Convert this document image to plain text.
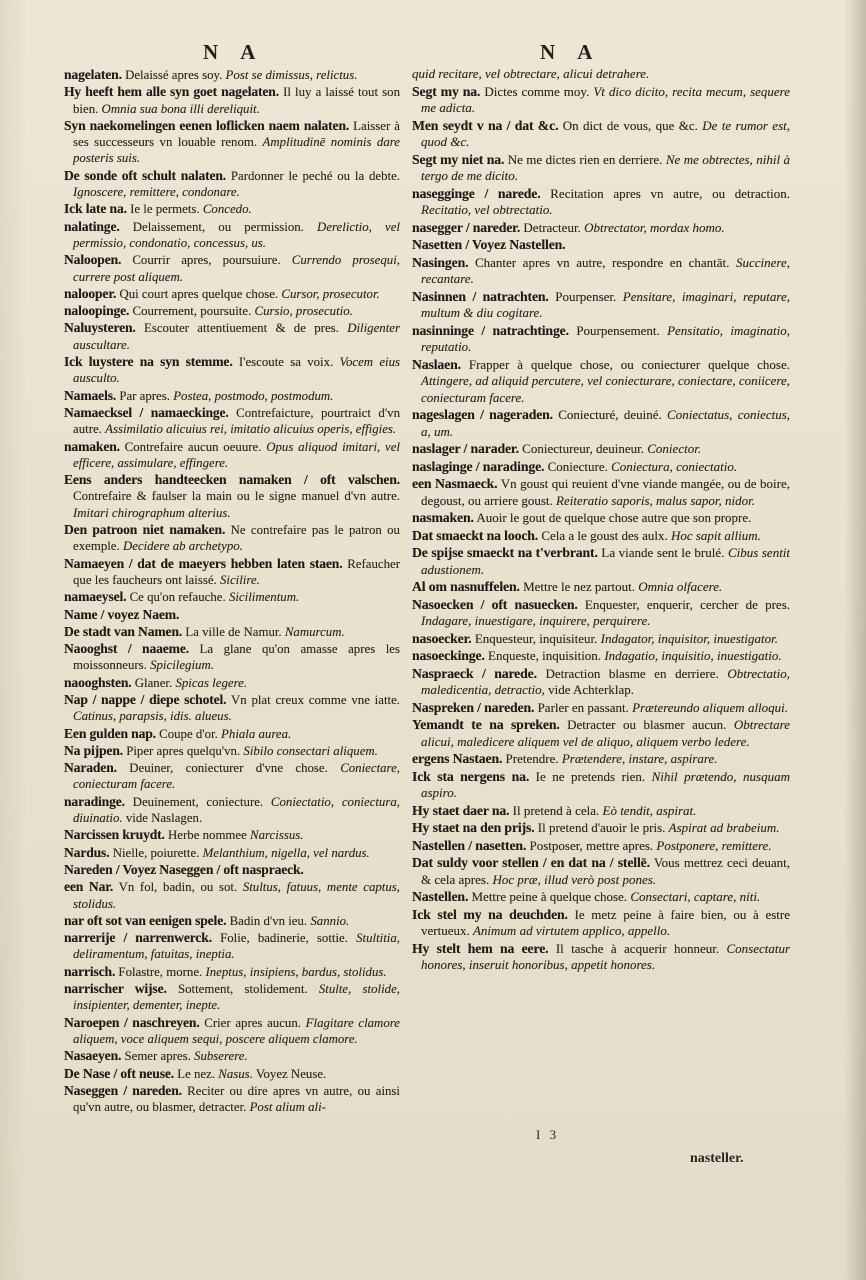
N A	N A

nagelaten. Delaissé apres soy. Post se dimissus, relictus.

Hy heeft hem alle syn goet nagelaten. Il luy a laissé tout son bien. Omnia sua bona illi dereliquit.

Syn naekomelingen eenen loflicken naem nalaten. Laisser à ses successeurs vn louable renom. Amplitudinē nominis dare posteris suis.

De sonde oft schult nalaten. Pardonner le peché ou la debte. Ignoscere, remittere, condonare.

Ick late na. Ie le permets. Concedo.

nalatinge. Delaissement, ou permission. Derelictio, vel permissio, condonatio, concessus, us.

Naloopen. Courrir apres, poursuiure. Currendo prosequi, currere post aliquem.

nalooper. Qui court apres quelque chose. Cursor, prosecutor.

naloopinge. Courrement, poursuite. Cursio, prosecutio.

Naluysteren. Escouter attentiuement & de pres. Diligenter auscultare.

Ick luystere na syn stemme. I'escoute sa voix. Vocem eius ausculto.

Namaels. Par apres. Postea, postmodo, postmodum.

Namaecksel / namaeckinge. Contrefaicture, pourtraict d'vn autre. Assimilatio alicuius rei, imitatio alicuius operis, effigies.

namaken. Contrefaire aucun oeuure. Opus aliquod imitari, vel efficere, assimulare, effingere.

Eens anders handteecken namaken / oft valschen. Contrefaire & faulser la main ou le signe manuel d'vn autre. Imitari chirographum alterius.

Den patroon niet namaken. Ne contrefaire pas le patron ou exemple. Decidere ab archetypo.

Namaeyen / dat de maeyers hebben laten staen. Refaucher que les faucheurs ont laissé. Sicilire.

namaeysel. Ce qu'on refauche. Sicilimentum.

Name / voyez Naem.

De stadt van Namen. La ville de Namur. Namurcum.

Naooghst / naaeme. La glane qu'on amasse apres les moissonneurs. Spicilegium.

naooghsten. Glaner. Spicas legere.

Nap / nappe / diepe schotel. Vn plat creux comme vne iatte. Catinus, parapsis, idis. alueus.

Een gulden nap. Coupe d'or. Phiala aurea.

Na pijpen. Piper apres quelqu'vn. Sibilo consectari aliquem.

Naraden. Deuiner, coniecturer d'vne chose. Coniectare, coniecturam facere.

naradinge. Deuinement, coniecture. Coniectatio, coniectura, diuinatio. vide Naslagen.

Narcissen kruydt. Herbe nommee Narcissus.

Nardus. Nielle, poiurette. Melanthium, nigella, vel nardus.

Nareden / Voyez Naseggen / oft naspraeck.

een Nar. Vn fol, badin, ou sot. Stultus, fatuus, mente captus, stolidus.

nar oft sot van eenigen spele. Badin d'vn ieu. Sannio.

narrerije / narrenwerck. Folie, badinerie, sottie. Stultitia, deliramentum, fatuitas, ineptia.

narrisch. Folastre, morne. Ineptus, insipiens, bardus, stolidus.

narrischer wijse. Sottement, stolidement. Stulte, stolide, insipienter, dementer, inepte.

Naroepen / naschreyen. Crier apres aucun. Flagitare clamore aliquem, voce aliquem sequi, poscere aliquem clamore.

Nasaeyen. Semer apres. Subserere.

De Nase / oft neuse. Le nez. Nasus. Voyez Neuse.

Naseggen / nareden. Reciter ou dire apres vn autre, ou ainsi qu'vn autre, ou blasmer, detracter. Post alium ali-

quid recitare, vel obtrectare, alicui detrahere.

Segt my na. Dictes comme moy. Vt dico dicito, recita mecum, sequere me adicta.

Men seydt v na / dat &c. On dict de vous, que &c. De te rumor est, quod &c.

Segt my niet na. Ne me dictes rien en derriere. Ne me obtrectes, nihil à tergo de me dicito.

nasegginge / narede. Recitation apres vn autre, ou detraction. Recitatio, vel obtrectatio.

nasegger / nareder. Detracteur. Obtrectator, mordax homo.

Nasetten / Voyez Nastellen.

Nasingen. Chanter apres vn autre, respondre en chantāt. Succinere, recantare.

Nasinnen / natrachten. Pourpenser. Pensitare, imaginari, reputare, multum & diu cogitare.

nasinninge / natrachtinge. Pourpensement. Pensitatio, imaginatio, reputatio.

Naslaen. Frapper à quelque chose, ou coniecturer quelque chose. Attingere, ad aliquid percutere, vel coniecturare, coniectare, coniicere, coniecturam facere.

nageslagen / nageraden. Coniecturé, deuiné. Coniectatus, coniectus, a, um.

naslager / narader. Coniectureur, deuineur. Coniector.

naslaginge / naradinge. Coniecture. Coniectura, coniectatio.

een Nasmaeck. Vn goust qui reuient d'vne viande mangée, ou de boire, degoust, ou arriere goust. Reiteratio saporis, malus sapor, nidor.

nasmaken. Auoir le gout de quelque chose autre que son propre.

Dat smaeckt na looch. Cela a le goust des aulx. Hoc sapit allium.

De spijse smaeckt na t'verbrant. La viande sent le brulé. Cibus sentit adustionem.

Al om nasnuffelen. Mettre le nez partout. Omnia olfacere.

Nasoecken / oft nasuecken. Enquester, enquerir, cercher de pres. Indagare, inuestigare, inquirere, perquirere.

nasoecker. Enquesteur, inquisiteur. Indagator, inquisitor, inuestigator.

nasoeckinge. Enqueste, inquisition. Indagatio, inquisitio, inuestigatio.

Naspraeck / narede. Detraction blasme en derriere. Obtrectatio, maledicentia, detractio, vide Achterklap.

Naspreken / nareden. Parler en passant. Prætereundo aliquem alloqui.

Yemandt te na spreken. Detracter ou blasmer aucun. Obtrectare alicui, maledicere aliquem vel de aliquo, aliquem verbo ledere.

ergens Nastaen. Pretendre. Prætendere, instare, aspirare.

Ick sta nergens na. Ie ne pretends rien. Nihil prætendo, nusquam aspiro.

Hy staet daer na. Il pretend à cela. Eò tendit, aspirat.

Hy staet na den prijs. Il pretend d'auoir le pris. Aspirat ad brabeium.

Nastellen / nasetten. Postposer, mettre apres. Postponere, remittere.

Dat suldy voor stellen / en dat na / stellē. Vous mettrez ceci deuant, & cela apres. Hoc præ, illud verò post pones.

Nastellen. Mettre peine à quelque chose. Consectari, captare, niti.

Ick stel my na deuchden. Ie metz peine à faire bien, ou à estre vertueux. Animum ad virtutem applico, appello.

Hy stelt hem na eere. Il tasche à acquerir honneur. Consectatur honores, inseruit honoribus, appetit honores.

I 3
nasteller.
